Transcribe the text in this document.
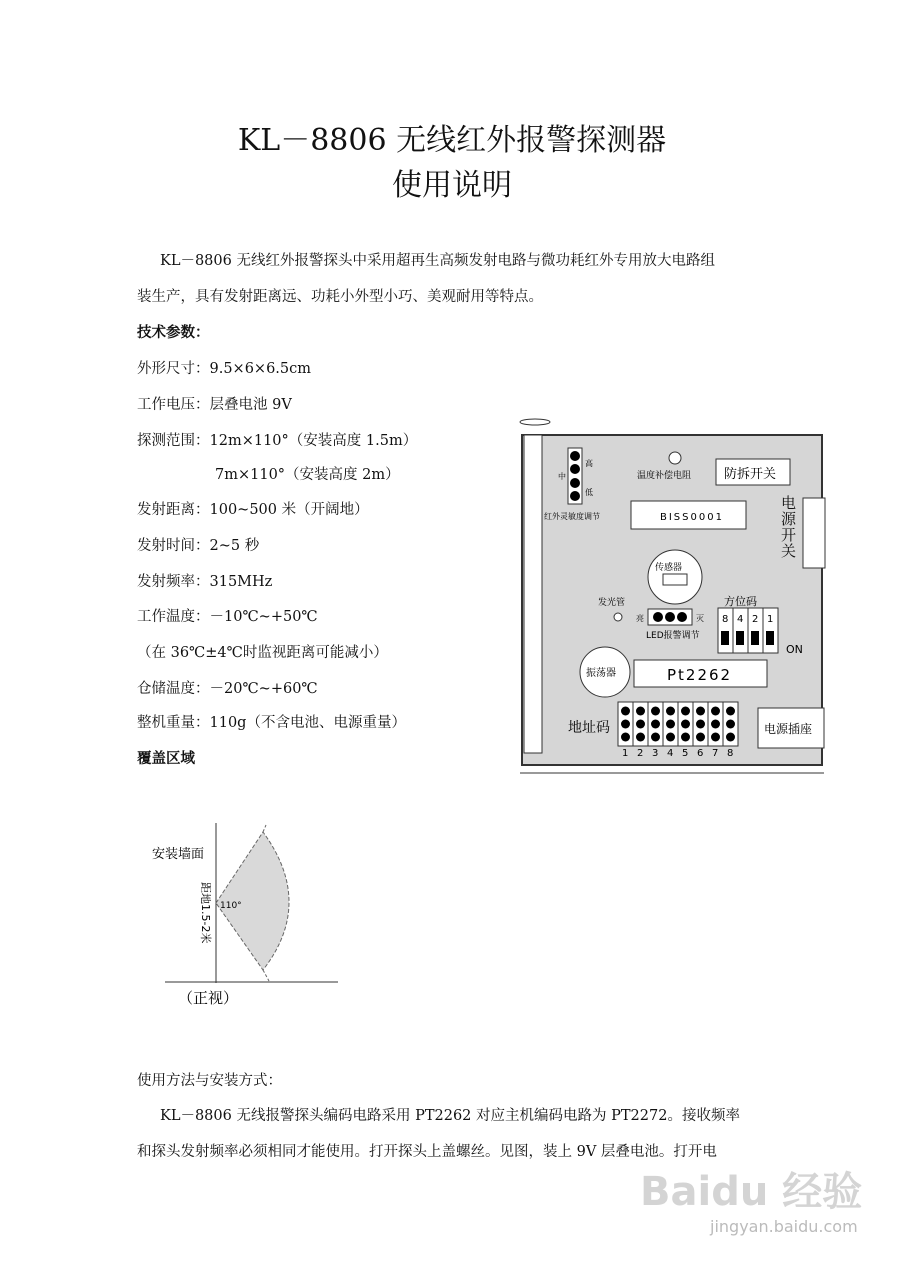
KL－8806 无线红外报警探测器
使用说明
KL－8806 无线红外报警探头中采用超再生高频发射电路与微功耗红外专用放大电路组
装生产，具有发射距离远、功耗小外型小巧、美观耐用等特点。
技术参数：
外形尺寸：9.5×6×6.5cm
工作电压：层叠电池 9V
探测范围：12m×110°（安装高度 1.5m）
7m×110°（安装高度 2m）
发射距离：100~500 米（开阔地）
发射时间：2~5 秒
发射频率：315MHz
工作温度：－10℃~+50℃
（在 36℃±4℃时监视距离可能减小）
仓储温度：－20℃~+60℃
整机重量：110g（不含电池、电源重量）
覆盖区域
安装墙面
110°
距地1.5-2米
（正视）
高
中
低
红外灵敏度调节
温度补偿电阻	防拆开关
BISS0001
传感器
发光管
亮	灭
LED报警调节
方位码
8 4 2 1
ON
振荡器	Pt2262
地址码
1 2 3 4 5 6 7 8
电源插座
电源开关
使用方法与安装方式：
KL－8806 无线报警探头编码电路采用 PT2262 对应主机编码电路为 PT2272。接收频率
和探头发射频率必须相同才能使用。打开探头上盖螺丝。见图，装上 9V 层叠电池。打开电
Baidu 经验
jingyan.baidu.com
